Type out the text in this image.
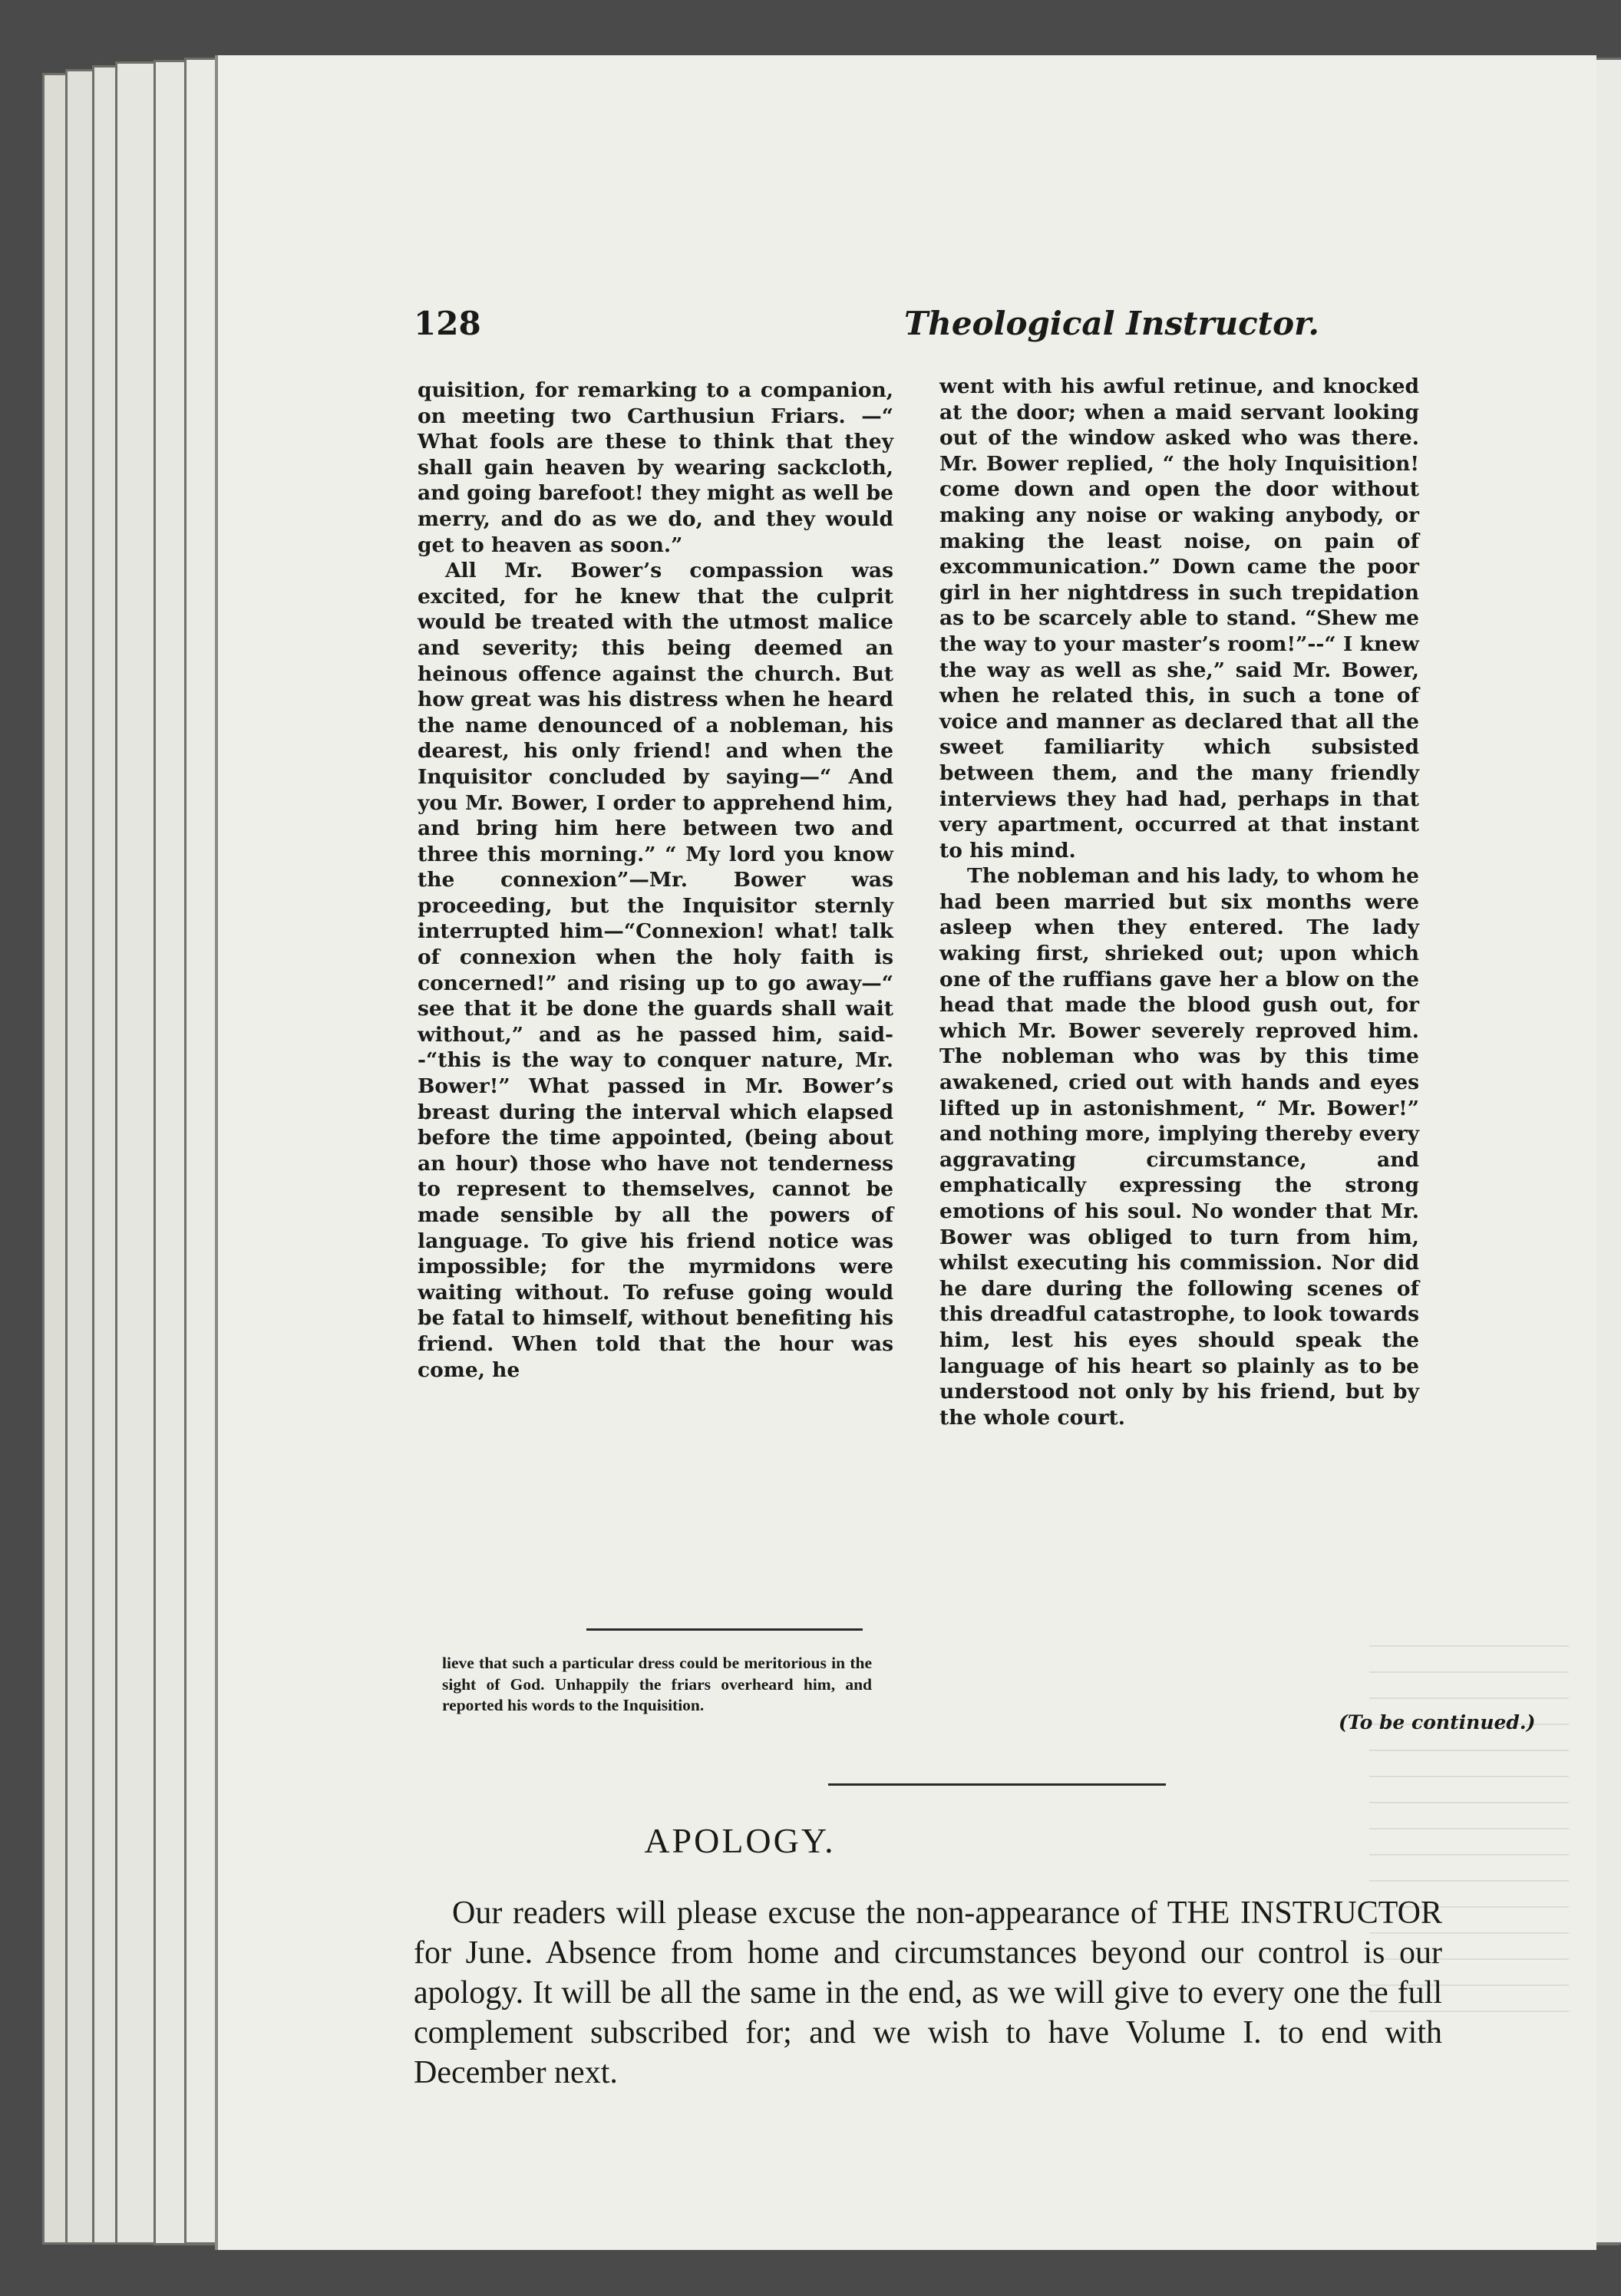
128	Theological Instructor.

quisition, for remarking to a companion, on meeting two Carthusiun Friars. —“ What fools are these to think that they shall gain heaven by wearing sackcloth, and going barefoot! they might as well be merry, and do as we do, and they would get to heaven as soon.”

All Mr. Bower’s compassion was excited, for he knew that the culprit would be treated with the utmost malice and severity; this being deemed an heinous offence against the church. But how great was his distress when he heard the name denounced of a nobleman, his dearest, his only friend! and when the Inquisitor concluded by saying—“ And you Mr. Bower, I order to apprehend him, and bring him here between two and three this morning.” “ My lord you know the connexion”—Mr. Bower was proceeding, but the Inquisitor sternly interrupted him—“Connexion! what! talk of connexion when the holy faith is concerned!” and rising up to go away—“ see that it be done the guards shall wait without,” and as he passed him, said--“this is the way to conquer nature, Mr. Bower!” What passed in Mr. Bower’s breast during the interval which elapsed before the time appointed, (being about an hour) those who have not tenderness to represent to themselves, cannot be made sensible by all the powers of language. To give his friend notice was impossible; for the myrmidons were waiting without. To refuse going would be fatal to himself, without benefiting his friend. When told that the hour was come, he

went with his awful retinue, and knocked at the door; when a maid servant looking out of the window asked who was there. Mr. Bower replied, “ the holy Inquisition! come down and open the door without making any noise or waking anybody, or making the least noise, on pain of excommunication.” Down came the poor girl in her nightdress in such trepidation as to be scarcely able to stand. “Shew me the way to your master’s room!”--“ I knew the way as well as she,” said Mr. Bower, when he related this, in such a tone of voice and manner as declared that all the sweet familiarity which subsisted between them, and the many friendly interviews they had had, perhaps in that very apartment, occurred at that instant to his mind.

The nobleman and his lady, to whom he had been married but six months were asleep when they entered. The lady waking first, shrieked out; upon which one of the ruffians gave her a blow on the head that made the blood gush out, for which Mr. Bower severely reproved him. The nobleman who was by this time awakened, cried out with hands and eyes lifted up in astonishment, “ Mr. Bower!” and nothing more, implying thereby every aggravating circumstance, and emphatically expressing the strong emotions of his soul. No wonder that Mr. Bower was obliged to turn from him, whilst executing his commission. Nor did he dare during the following scenes of this dreadful catastrophe, to look towards him, lest his eyes should speak the language of his heart so plainly as to be understood not only by his friend, but by the whole court.

lieve that such a particular dress could be meritorious in the sight of God. Unhappily the friars overheard him, and reported his words to the Inquisition.
(To be continued.)
APOLOGY.
Our readers will please excuse the non-appearance of THE INSTRUCTOR for June. Absence from home and circumstances beyond our control is our apology. It will be all the same in the end, as we will give to every one the full complement subscribed for; and we wish to have Volume I. to end with December next.
